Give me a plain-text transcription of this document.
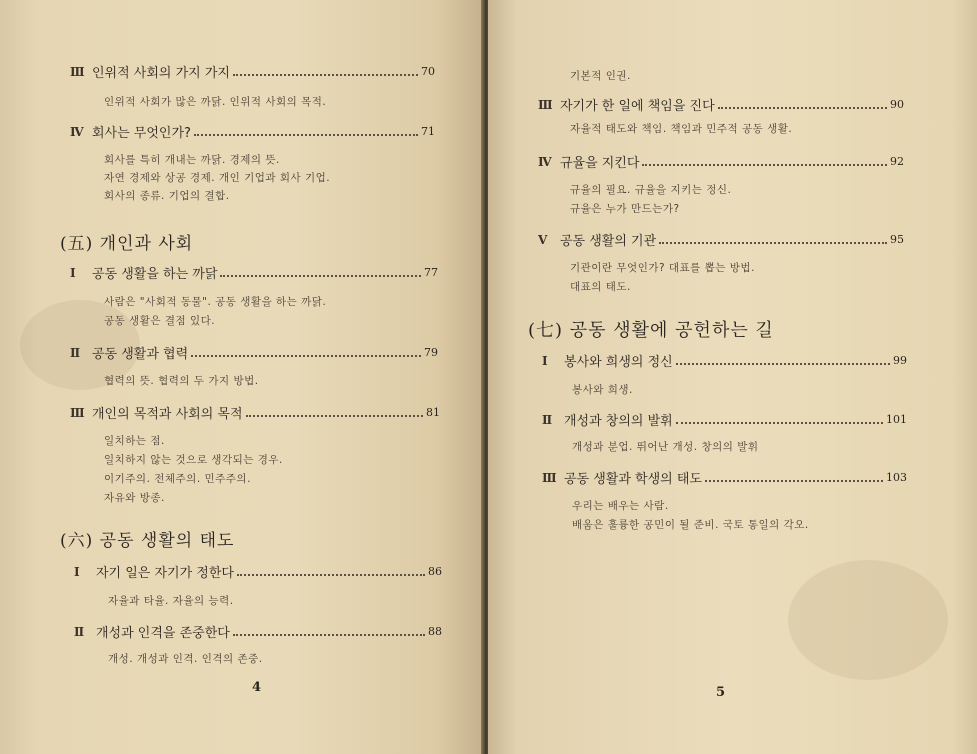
Ⅲ 인위적 사회의 가지 가지	70
인위적 사회가 많은 까닭. 인위적 사회의 목적.
Ⅳ 회사는 무엇인가?	71
회사를 특히 개내는 까닭. 경제의 뜻.
자연 경제와 상공 경제. 개인 기업과 회사 기업.
회사의 종류. 기업의 결합.
(五) 개인과 사회
Ⅰ	공동 생활을 하는 까닭	77
사람은 "사회적 동물". 공동 생활을 하는 까닭.
공동 생활은 결점 있다.
Ⅱ 공동 생활과 협력	79
협력의 뜻. 협력의 두 가지 방법.
Ⅲ 개인의 목적과 사회의 목적	81
일치하는 점.
일치하지 않는 것으로 생각되는 경우.
이기주의. 전체주의. 민주주의.
자유와 방종.
(六) 공동 생활의 태도
Ⅰ	자기 일은 자기가 정한다	86
자율과 타율. 자율의 능력.
Ⅱ 개성과 인격을 존중한다	88
개성. 개성과 인격. 인격의 존중.
4
기본적 인권.
Ⅲ 자기가 한 일에 책임을 진다	90
자율적 태도와 책임. 책임과 민주적 공동 생활.
Ⅳ 규율을 지킨다	92
규율의 필요. 규율을 지키는 정신.
규율은 누가 만드는가?
Ⅴ 공동 생활의 기관	95
기관이란 무엇인가? 대표를 뽑는 방법.
대표의 태도.
(七) 공동 생활에 공헌하는 길
Ⅰ	봉사와 희생의 정신	99
봉사와 희생.
Ⅱ 개성과 창의의 발휘	101
개성과 분업. 뛰어난 개성. 창의의 발휘
Ⅲ 공동 생활과 학생의 태도	103
우리는 배우는 사람.
배움은 훌륭한 공민이 될 준비. 국토 통일의 각오.
5
